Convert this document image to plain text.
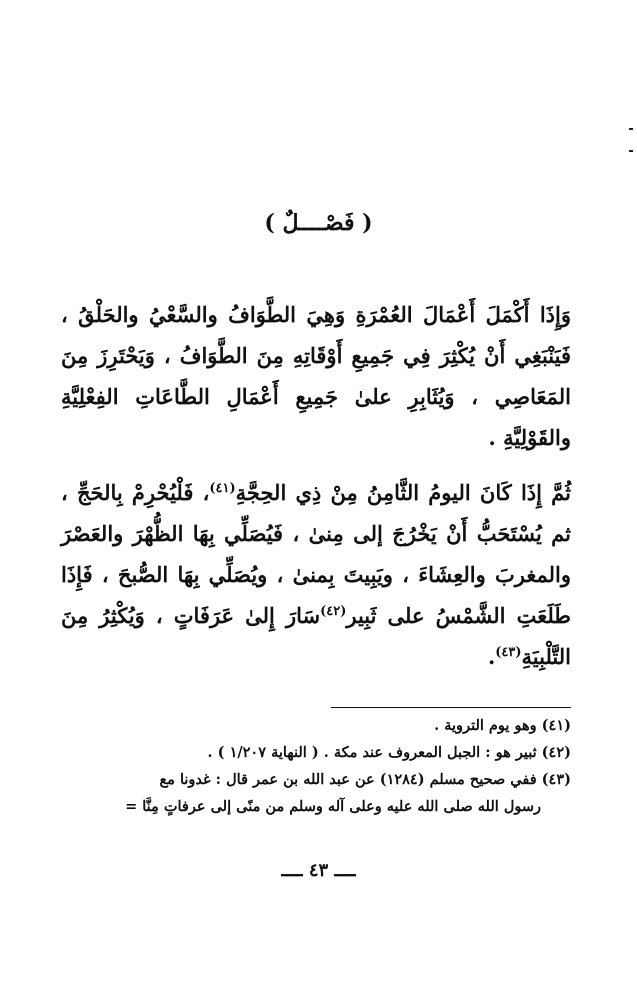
( فَصْــــلٌ )

وَإِذَا أَكْمَلَ أَعْمَالَ العُمْرَةِ وَهِيَ الطَّوَافُ والسَّعْيُ والحَلْقُ ، فَيَنْبَغِي أَنْ يُكْثِرَ فِي جَمِيعِ أَوْقَاتِهِ مِنَ الطَّوَافُ ، وَيَحْتَرِزَ مِنَ المَعَاصِي ، وَيُثَابِرِ علىٰ جَمِيعِ أَعْمَالِ الطَّاعَاتِ الفِعْلِيَّةِ والقَوْلِيَّةِ .

ثُمَّ إِذَا كَانَ اليومُ الثَّامِنُ مِنْ ذِي الحِجَّةِ$^{(٤١)}$، فَلْيُحْرِمْ بِالحَجِّ ، ثم يُسْتَحَبُّ أَنْ يَخْرُجَ إلى مِنىٰ ، فَيُصَلِّي بِهَا الظُّهْرَ والعَصْرَ والمغربَ والعِشَاءَ ، ويَبِيتَ بِمنىٰ ، ويُصَلِّي بِهَا الصُّبحَ ، فَإِذَا طَلَعَتِ الشَّمْسُ على ثَبِير$^{(٤٢)}$سَارَ إِلىٰ عَرَفَاتٍ ، وَيُكْثِرُ مِنَ التَّلْبِيَةِ$^{(٤٣)}$.

(٤١) وهو يوم التروية .
(٤٢) ثبير هو : الجبل المعروف عند مكة . ( النهاية ١/٢٠٧ ) .
(٤٣) ففي صحيح مسلم (١٢٨٤) عن عبد الله بن عمر قال : غدونا مع
رسول الله صلى الله عليه وعلى آله وسلم من منًى إلى عرفاتٍ مِنَّا =
ــــ ٤٣ ــــ
